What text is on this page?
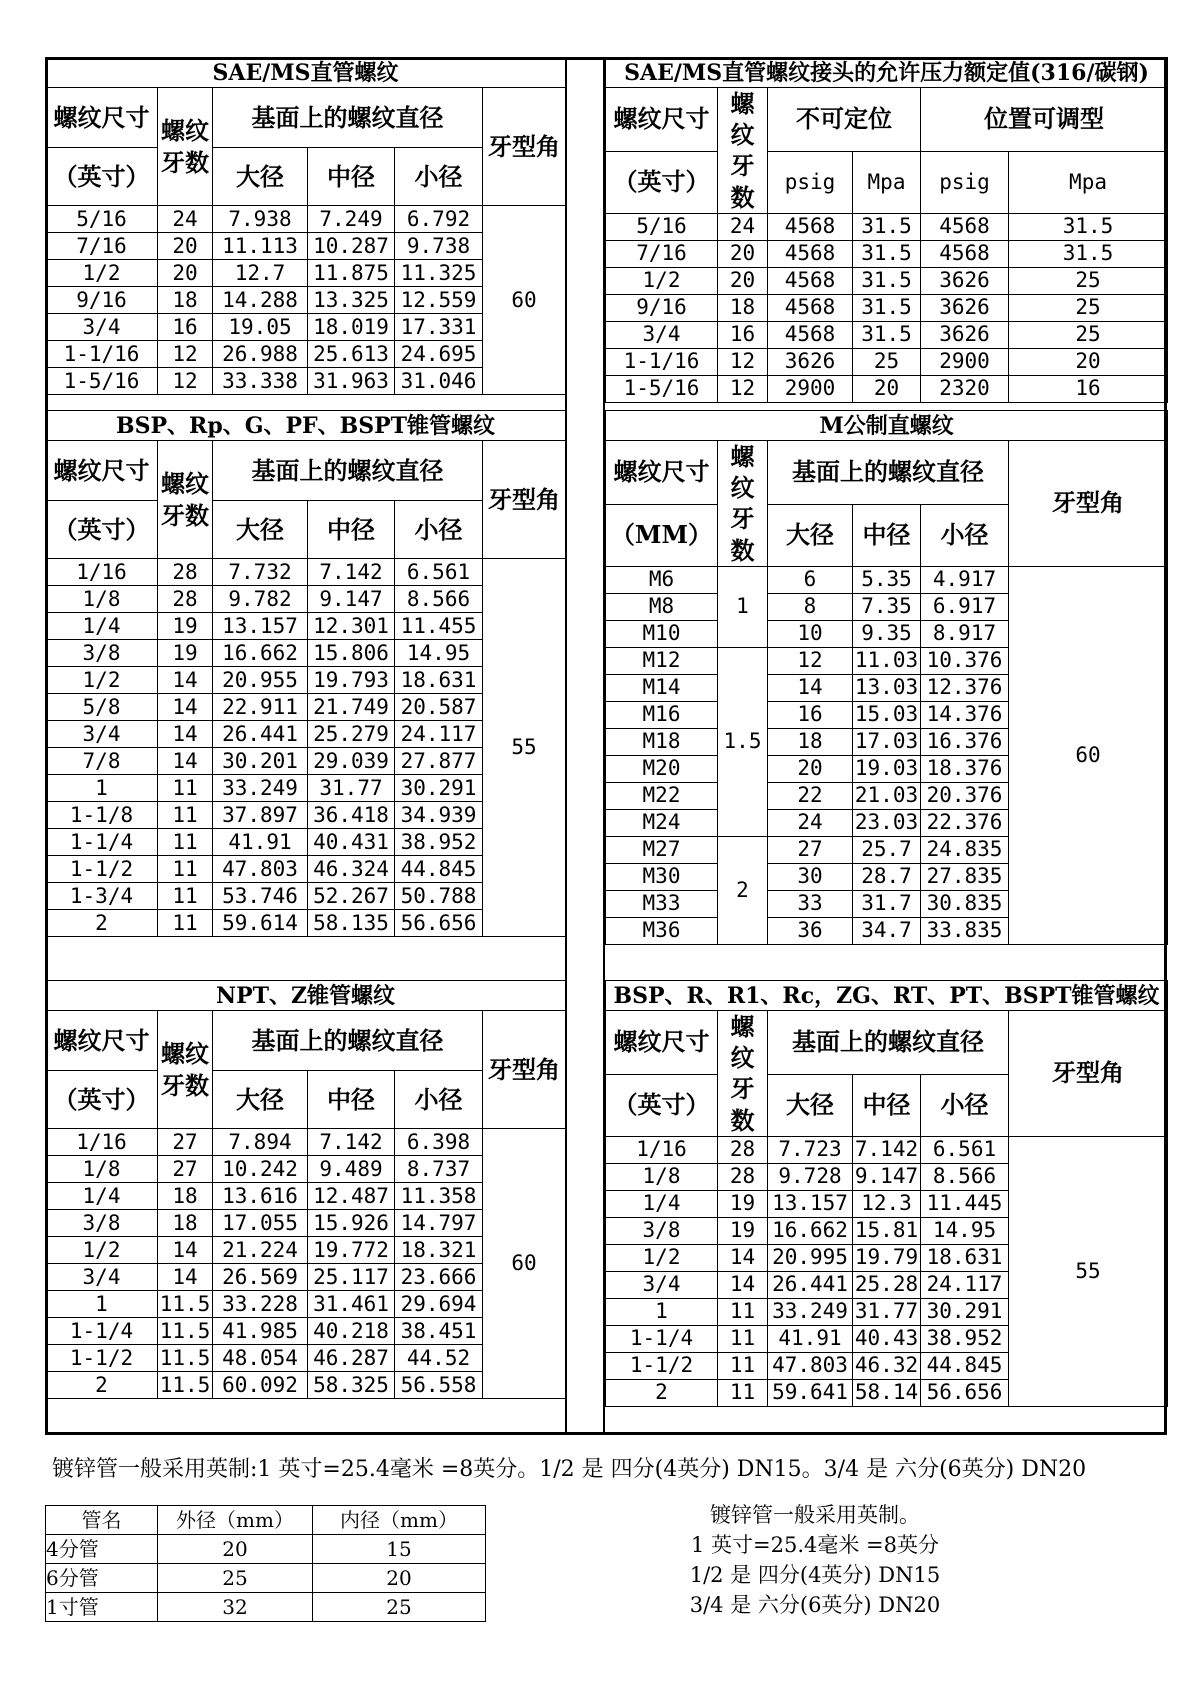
SAE/MS直管螺纹					
螺纹尺寸	螺纹牙数	基面上的螺纹直径			牙型角
（英寸）		大径	中径	小径	
5/16	24	7.938	7.249	6.792	60
7/16	20	11.113	10.287	9.738	
1/2	20	12.7	11.875	11.325	
9/16	18	14.288	13.325	12.559	
3/4	16	19.05	18.019	17.331	
1-1/16	12	26.988	25.613	24.695	
1-5/16	12	33.338	31.963	31.046	
SAE/MS直管螺纹接头的允许压力额定值(316/碳钢)					
螺纹尺寸	螺纹牙数	不可定位		位置可调型	
（英寸）		psig	Mpa	psig	Mpa
5/16	24	4568	31.5	4568	31.5
7/16	20	4568	31.5	4568	31.5
1/2	20	4568	31.5	3626	25
9/16	18	4568	31.5	3626	25
3/4	16	4568	31.5	3626	25
1-1/16	12	3626	25	2900	20
1-5/16	12	2900	20	2320	16
BSP、Rp、G、PF、BSPT锥管螺纹					
螺纹尺寸	螺纹牙数	基面上的螺纹直径			牙型角
（英寸）		大径	中径	小径	
1/16	28	7.732	7.142	6.561	55
1/8	28	9.782	9.147	8.566	
1/4	19	13.157	12.301	11.455	
3/8	19	16.662	15.806	14.95	
1/2	14	20.955	19.793	18.631	
5/8	14	22.911	21.749	20.587	
3/4	14	26.441	25.279	24.117	
7/8	14	30.201	29.039	27.877	
1	11	33.249	31.77	30.291	
1-1/8	11	37.897	36.418	34.939	
1-1/4	11	41.91	40.431	38.952	
1-1/2	11	47.803	46.324	44.845	
1-3/4	11	53.746	52.267	50.788	
2	11	59.614	58.135	56.656	
M公制直螺纹					
螺纹尺寸	螺纹牙数	基面上的螺纹直径			牙型角
（MM）		大径	中径	小径	
M6	1	6	5.35	4.917	60
M8		8	7.35	6.917	
M10		10	9.35	8.917	
M12	1.5	12	11.03	10.376	
M14		14	13.03	12.376	
M16		16	15.03	14.376	
M18		18	17.03	16.376	
M20		20	19.03	18.376	
M22		22	21.03	20.376	
M24		24	23.03	22.376	
M27	2	27	25.7	24.835	
M30		30	28.7	27.835	
M33		33	31.7	30.835	
M36		36	34.7	33.835	
NPT、Z锥管螺纹					
螺纹尺寸	螺纹牙数	基面上的螺纹直径			牙型角
（英寸）		大径	中径	小径	
1/16	27	7.894	7.142	6.398	60
1/8	27	10.242	9.489	8.737	
1/4	18	13.616	12.487	11.358	
3/8	18	17.055	15.926	14.797	
1/2	14	21.224	19.772	18.321	
3/4	14	26.569	25.117	23.666	
1	11.5	33.228	31.461	29.694	
1-1/4	11.5	41.985	40.218	38.451	
1-1/2	11.5	48.054	46.287	44.52	
2	11.5	60.092	58.325	56.558	
BSP、R、R1、Rc，ZG、RT、PT、BSPT锥管螺纹					
螺纹尺寸	螺纹牙数	基面上的螺纹直径			牙型角
（英寸）		大径	中径	小径	
1/16	28	7.723	7.142	6.561	55
1/8	28	9.728	9.147	8.566	
1/4	19	13.157	12.3	11.445	
3/8	19	16.662	15.81	14.95	
1/2	14	20.995	19.79	18.631	
3/4	14	26.441	25.28	24.117	
1	11	33.249	31.77	30.291	
1-1/4	11	41.91	40.43	38.952	
1-1/2	11	47.803	46.32	44.845	
2	11	59.641	58.14	56.656	
镀锌管一般采用英制:1 英寸=25.4毫米 =8英分。1/2 是 四分(4英分) DN15。3/4 是 六分(6英分) DN20
管名	外径（mm）	内径（mm）
4分管	20	15
6分管	25	20
1寸管	32	25
镀锌管一般采用英制。
1 英寸=25.4毫米 =8英分
1/2 是 四分(4英分) DN15
3/4 是 六分(6英分) DN20
